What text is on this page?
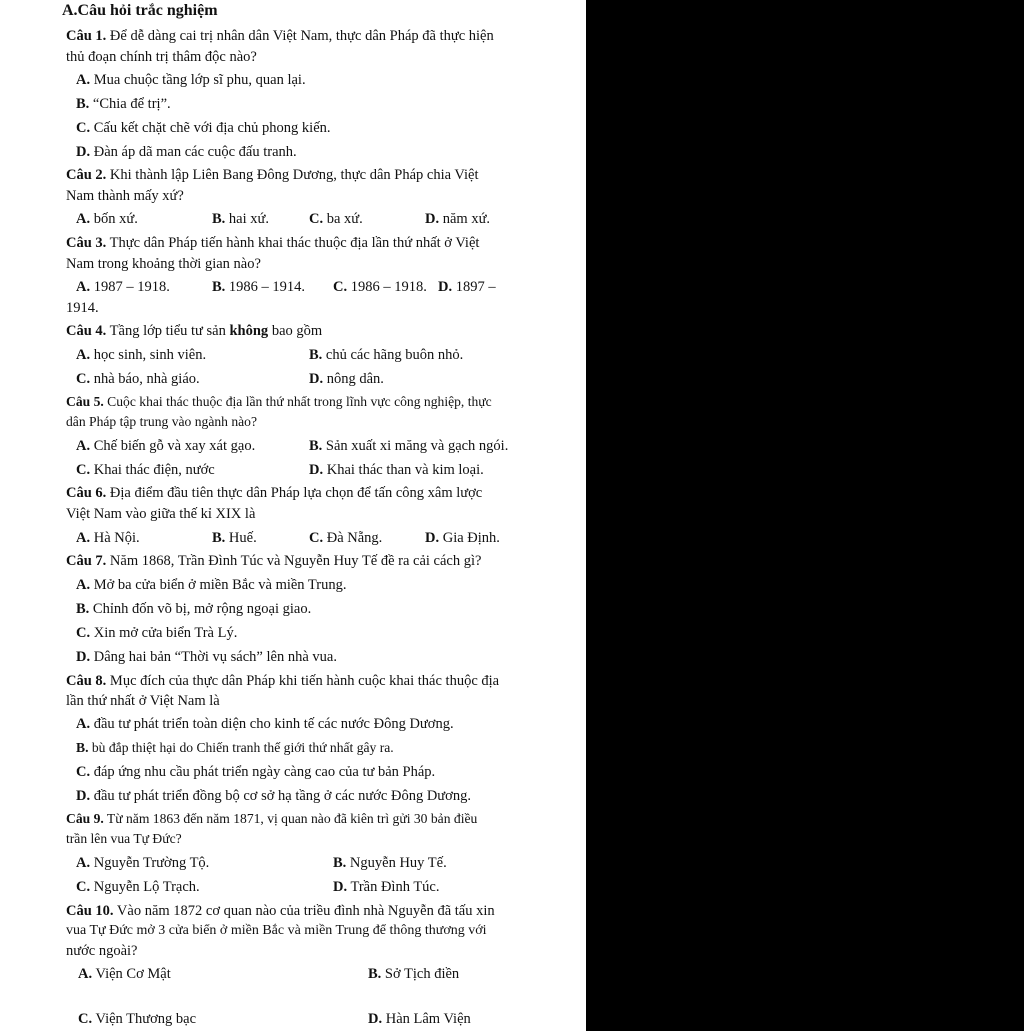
A.Câu hỏi trắc nghiệm
Câu 1. Để dễ dàng cai trị nhân dân Việt Nam, thực dân Pháp đã thực hiện
thủ đoạn chính trị thâm độc nào?
A. Mua chuộc tầng lớp sĩ phu, quan lại.
B. “Chia để trị”.
C. Cấu kết chặt chẽ với địa chủ phong kiến.
D. Đàn áp dã man các cuộc đấu tranh.
Câu 2. Khi thành lập Liên Bang Đông Dương, thực dân Pháp chia Việt
Nam thành mấy xứ?
A. bốn xứ.	B. hai xứ.	C. ba xứ.	D. năm xứ.
Câu 3. Thực dân Pháp tiến hành khai thác thuộc địa lần thứ nhất ở Việt
Nam trong khoảng thời gian nào?
A. 1987 – 1918.	B. 1986 – 1914. C. 1986 – 1918. D. 1897 –
1914.
Câu 4. Tầng lớp tiểu tư sản không bao gồm
A. học sinh, sinh viên.	B. chủ các hãng buôn nhỏ.
C. nhà báo, nhà giáo.	D. nông dân.
Câu 5. Cuộc khai thác thuộc địa lần thứ nhất trong lĩnh vực công nghiệp, thực
dân Pháp tập trung vào ngành nào?
A. Chế biến gỗ và xay xát gạo.	B. Sản xuất xi măng và gạch ngói.
C. Khai thác điện, nước	D. Khai thác than và kim loại.
Câu 6. Địa điểm đầu tiên thực dân Pháp lựa chọn để tấn công xâm lược
Việt Nam vào giữa thế kỉ XIX là
A. Hà Nội.	B. Huế.	C. Đà Nẵng.	D. Gia Định.
Câu 7. Năm 1868, Trần Đình Túc và Nguyễn Huy Tế đề ra cải cách gì?
A. Mở ba cửa biển ở miền Bắc và miền Trung.
B. Chỉnh đốn võ bị, mở rộng ngoại giao.
C. Xin mở cửa biển Trà Lý.
D. Dâng hai bản “Thời vụ sách” lên nhà vua.
Câu 8. Mục đích của thực dân Pháp khi tiến hành cuộc khai thác thuộc địa
lần thứ nhất ở Việt Nam là
A. đầu tư phát triển toàn diện cho kinh tế các nước Đông Dương.
B. bù đắp thiệt hại do Chiến tranh thế giới thứ nhất gây ra.
C. đáp ứng nhu cầu phát triển ngày càng cao của tư bản Pháp.
D. đầu tư phát triển đồng bộ cơ sở hạ tầng ở các nước Đông Dương.
Câu 9. Từ năm 1863 đến năm 1871, vị quan nào đã kiên trì gửi 30 bản điều
trần lên vua Tự Đức?
A. Nguyễn Trường Tộ.	B. Nguyễn Huy Tế.
C. Nguyễn Lộ Trạch.	D. Trần Đình Túc.
Câu 10. Vào năm 1872 cơ quan nào của triều đình nhà Nguyễn đã tấu xin
vua Tự Đức mở 3 cửa biển ở miền Bắc và miền Trung để thông thương với
nước ngoài?
A. Viện Cơ Mật	B. Sở Tịch điền
C. Viện Thương bạc	D. Hàn Lâm Viện
